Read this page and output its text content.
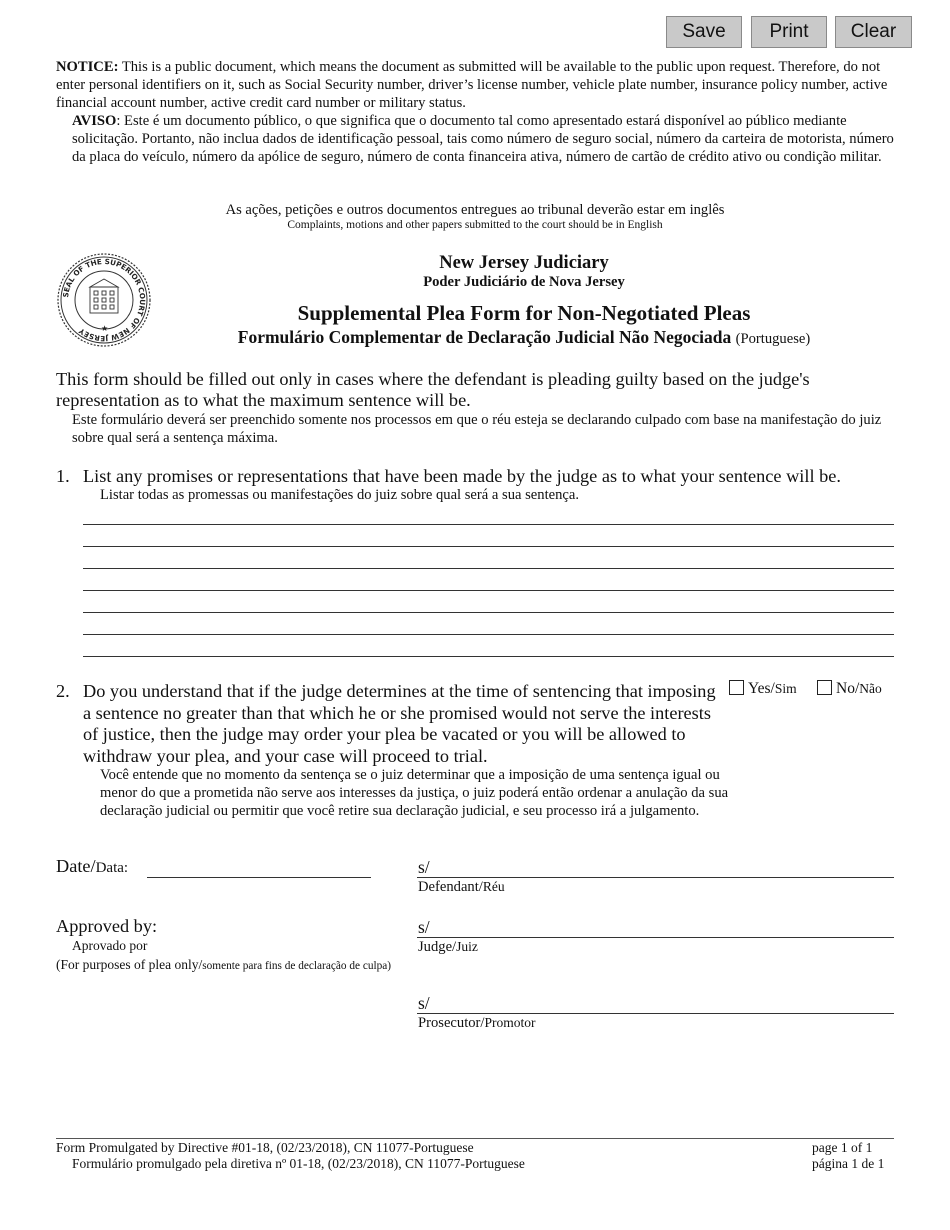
Save	Print	Clear
NOTICE: This is a public document, which means the document as submitted will be available to the public upon request. Therefore, do not enter personal identifiers on it, such as Social Security number, driver’s license number, vehicle plate number, insurance policy number, active financial account number, active credit card number or military status.
AVISO: Este é um documento público, o que significa que o documento tal como apresentado estará disponível ao público mediante solicitação. Portanto, não inclua dados de identificação pessoal, tais como número de seguro social, número da carteira de motorista, número da placa do veículo, número da apólice de seguro, número de conta financeira ativa, número de cartão de crédito ativo ou condição militar.
As ações, petições e outros documentos entregues ao tribunal deverão estar em inglês
Complaints, motions and other papers submitted to the court should be in English
SEAL OF THE SUPERIOR COURT OF NEW JERSEY	★
New Jersey Judiciary
Poder Judiciário de Nova Jersey
Supplemental Plea Form for Non-Negotiated Pleas
Formulário Complementar de Declaração Judicial Não Negociada (Portuguese)
This form should be filled out only in cases where the defendant is pleading guilty based on the judge's representation as to what the maximum sentence will be.
Este formulário deverá ser preenchido somente nos processos em que o réu esteja se declarando culpado com base na manifestação do juiz sobre qual será a sentença máxima.
1. List any promises or representations that have been made by the judge as to what your sentence will be.
Listar todas as promessas ou manifestações do juiz sobre qual será a sua sentença.
2. Do you understand that if the judge determines at the time of sentencing that imposing a sentence no greater than that which he or she promised would not serve the interests of justice, then the judge may order your plea be vacated or you will be allowed to withdraw your plea, and your case will proceed to trial.
Você entende que no momento da sentença se o juiz determinar que a imposição de uma sentença igual ou menor do que a prometida não serve aos interesses da justiça, o juiz poderá então ordenar a anulação da sua declaração judicial ou permitir que você retire sua declaração judicial, e seu processo irá a julgamento.
Yes/Sim	No/Não
Date/Data:	s/
Defendant/Réu
Approved by:
Aprovado por
(For purposes of plea only/somente para fins de declaração de culpa)
s/
Judge/Juiz
s/
Prosecutor/Promotor
Form Promulgated by Directive #01-18, (02/23/2018), CN 11077-Portuguese
Formulário promulgado pela diretiva nº 01-18, (02/23/2018), CN 11077-Portuguese
page 1 of 1
página 1 de 1
